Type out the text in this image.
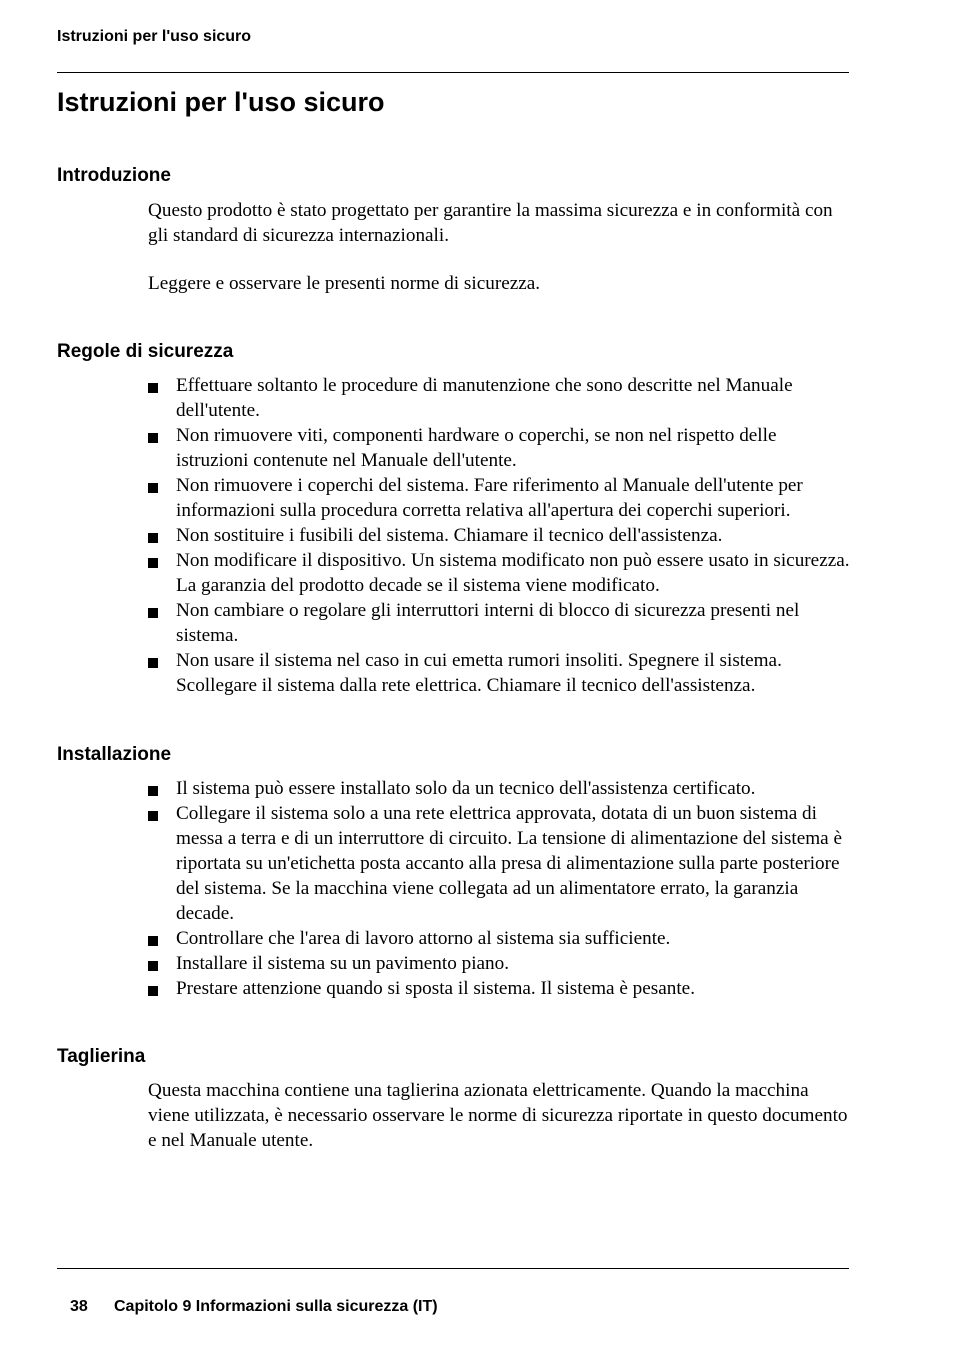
Istruzioni per l'uso sicuro
Istruzioni per l'uso sicuro
Introduzione

Questo prodotto è stato progettato per garantire la massima sicurezza e in conformità con gli standard di sicurezza internazionali.

Leggere e osservare le presenti norme di sicurezza.

Regole di sicurezza
Effettuare soltanto le procedure di manutenzione che sono descritte nel Manuale dell'utente.
Non rimuovere viti, componenti hardware o coperchi, se non nel rispetto delle istruzioni contenute nel Manuale dell'utente.
Non rimuovere i coperchi del sistema. Fare riferimento al Manuale dell'utente per informazioni sulla procedura corretta relativa all'apertura dei coperchi superiori.
Non sostituire i fusibili del sistema. Chiamare il tecnico dell'assistenza.
Non modificare il dispositivo. Un sistema modificato non può essere usato in sicurezza. La garanzia del prodotto decade se il sistema viene modificato.
Non cambiare o regolare gli interruttori interni di blocco di sicurezza presenti nel sistema.
Non usare il sistema nel caso in cui emetta rumori insoliti. Spegnere il sistema. Scollegare il sistema dalla rete elettrica. Chiamare il tecnico dell'assistenza.
Installazione
Il sistema può essere installato solo da un tecnico dell'assistenza certificato.
Collegare il sistema solo a una rete elettrica approvata, dotata di un buon sistema di messa a terra e di un interruttore di circuito. La tensione di alimentazione del sistema è riportata su un'etichetta posta accanto alla presa di alimentazione sulla parte posteriore del sistema. Se la macchina viene collegata ad un alimentatore errato, la garanzia decade.
Controllare che l'area di lavoro attorno al sistema sia sufficiente.
Installare il sistema su un pavimento piano.
Prestare attenzione quando si sposta il sistema. Il sistema è pesante.
Taglierina

Questa macchina contiene una taglierina azionata elettricamente. Quando la macchina viene utilizzata, è necessario osservare le norme di sicurezza riportate in questo documento e nel Manuale utente.

38 Capitolo 9 Informazioni sulla sicurezza (IT)
